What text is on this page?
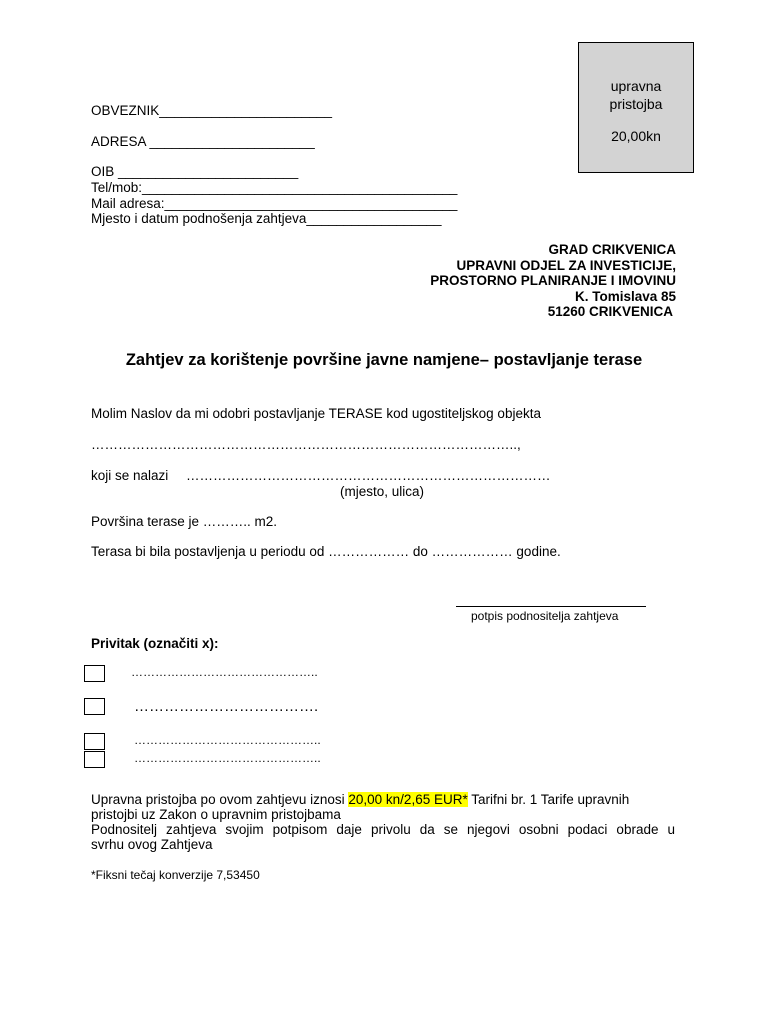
upravna
pristojba
20,00kn
OBVEZNIK_______________________
ADRESA ______________________
OIB ________________________
Tel/mob:__________________________________________
Mail adresa:_______________________________________
Mjesto i datum podnošenja zahtjeva__________________
GRAD CRIKVENICA
UPRAVNI ODJEL ZA INVESTICIJE,
PROSTORNO PLANIRANJE I IMOVINU
K. Tomislava 85
51260 CRIKVENICA
Zahtjev za korištenje površine javne namjene– postavljanje terase
Molim Naslov da mi odobri postavljanje TERASE kod ugostiteljskog objekta
…………………………………………………………………………………..,
koji se nalazi ………………………………………………………………………
(mjesto, ulica)
Površina terase je ……….. m2.
Terasa bi bila postavljenja u periodu od ……………… do ……………… godine.
potpis podnositelja zahtjeva
Privitak (označiti x):
………………………………………..
……………………………….
………………………………………..
………………………………………..
Upravna pristojba po ovom zahtjevu iznosi 20,00 kn/2,65 EUR* Tarifni br. 1 Tarife upravnih
pristojbi uz Zakon o upravnim pristojbama
Podnositelj zahtjeva svojim potpisom daje privolu da se njegovi osobni podaci obrade u
svrhu ovog Zahtjeva
*Fiksni tečaj konverzije 7,53450
